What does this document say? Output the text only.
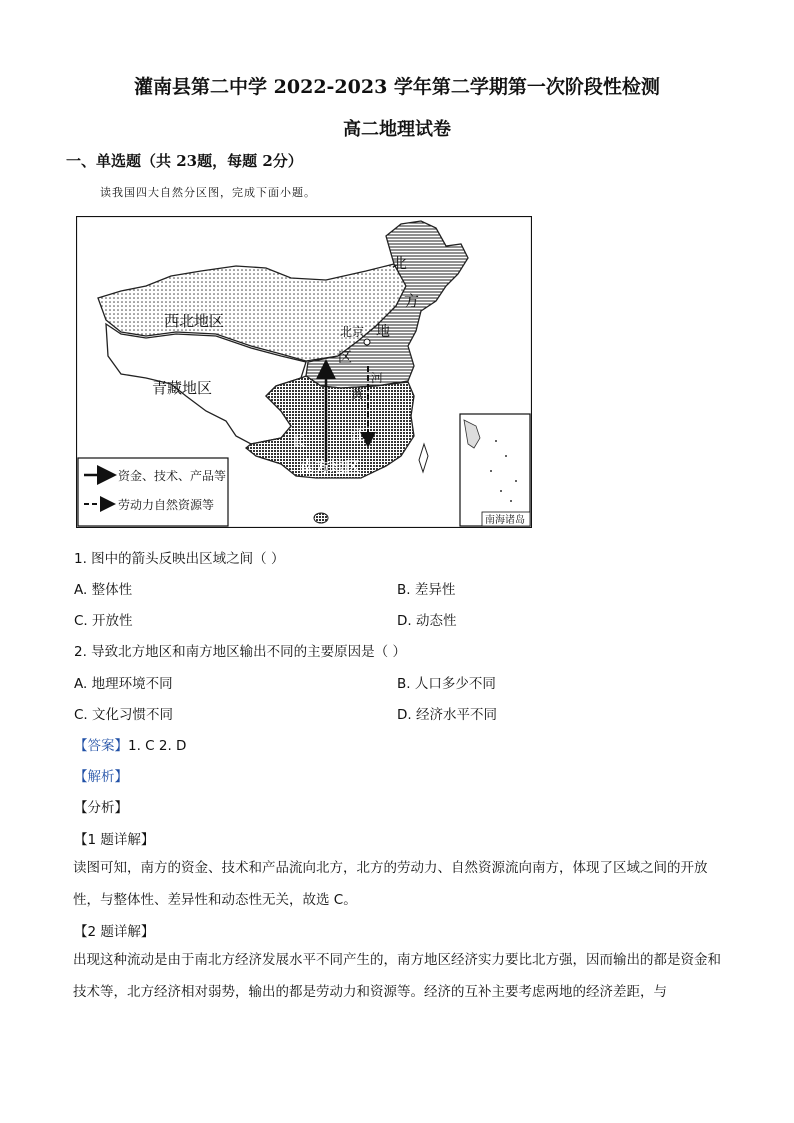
灌南县第二中学 2022-2023 学年第二学期第一次阶段性检测
高二地理试卷
一、单选题（共 23题，每题 2分）
读我国四大自然分区图，完成下面小题。
西北地区
青藏地区
北
方
地
区
北京
黄
河
长	江
南方地区
资金、技术、产品等
劳动力自然资源等
南海诸岛
1. 图中的箭头反映出区域之间（ ）
A. 整体性	B. 差异性
C. 开放性	D. 动态性
2. 导致北方地区和南方地区输出不同的主要原因是（ ）
A. 地理环境不同	B. 人口多少不同
C. 文化习惯不同	D. 经济水平不同
【答案】1. C 2. D
【解析】
【分析】
【1 题详解】
读图可知，南方的资金、技术和产品流向北方，北方的劳动力、自然资源流向南方，体现了区域之间的开放性，与整体性、差异性和动态性无关，故选 C。
【2 题详解】
出现这种流动是由于南北方经济发展水平不同产生的，南方地区经济实力要比北方强，因而输出的都是资金和技术等，北方经济相对弱势，输出的都是劳动力和资源等。经济的互补主要考虑两地的经济差距，与
